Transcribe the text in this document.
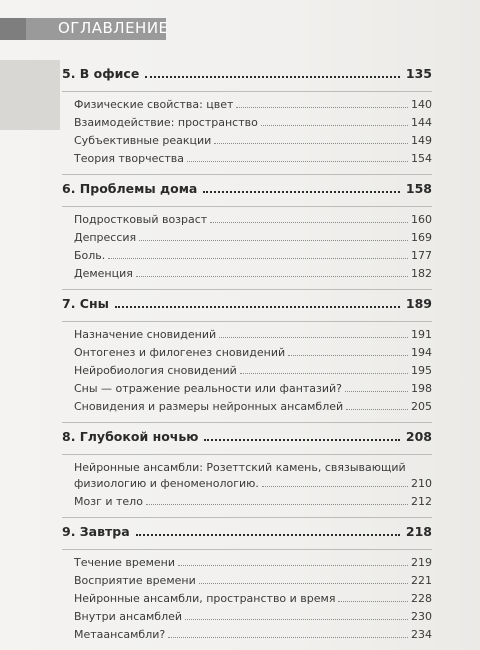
ОГЛАВЛЕНИЕ
5. В офисе	135
Физические свойства: цвет	140
Взаимодействие: пространство	144
Субъективные реакции	149
Теория творчества	154
6. Проблемы дома	158
Подростковый возраст	160
Депрессия	169
Боль.	177
Деменция	182
7. Сны	189
Назначение сновидений	191
Онтогенез и филогенез сновидений	194
Нейробиология сновидений	195
Сны — отражение реальности или фантазий?	198
Сновидения и размеры нейронных ансамблей	205
8. Глубокой ночью	208
Нейронные ансамбли: Розеттский камень, связывающий
физиологию и феноменологию.	210
Мозг и тело	212
9. Завтра	218
Течение времени	219
Восприятие времени	221
Нейронные ансамбли, пространство и время	228
Внутри ансамблей	230
Метаансамбли?	234
